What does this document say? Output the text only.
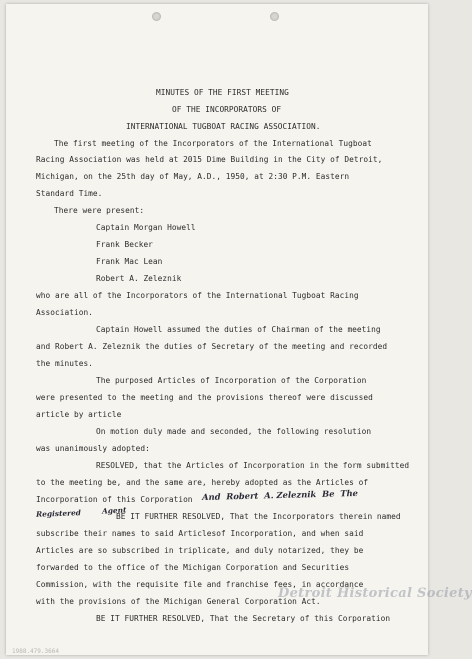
MINUTES OF THE FIRST MEETING
OF THE INCORPORATORS OF
INTERNATIONAL TUGBOAT RACING ASSOCIATION.
The first meeting of the Incorporators of the International Tugboat
Racing Association was held at 2015 Dime Building in the City of Detroit,
Michigan, on the 25th day of May, A.D., 1950, at 2:30 P.M. Eastern
Standard Time.
There were present:
Captain Morgan Howell
Frank Becker
Frank Mac Lean
Robert A. Zeleznik
who are all of the Incorporators of the International Tugboat Racing
Association.
Captain Howell assumed the duties of Chairman of the meeting
and Robert A. Zeleznik the duties of Secretary of the meeting and recorded
the minutes.
The purposed Articles of Incorporation of the Corporation
were presented to the meeting and the provisions thereof were discussed
article by article
On motion duly made and seconded, the following resolution
was unanimously adopted:
RESOLVED, that the Articles of Incorporation in the form submitted
to the meeting be, and the same are, hereby adopted as the Articles of
Incorporation of this Corporation And  Robert  A. Zeleznik  Be  The
Registered	Agent
BE IT FURTHER RESOLVED, That the Incorporators therein named
subscribe their names to said Articlesof Incorporation, and when said
Articles are so subscribed in triplicate, and duly notarized, they be
forwarded to the office of the Michigan Corporation and Securities
Commission, with the requisite file and franchise fees, in accordance
with the provisions of the Michigan General Corporation Act.
BE IT FURTHER RESOLVED, That the Secretary of this Corporation
Detroit Historical Society
1988.479.3664
